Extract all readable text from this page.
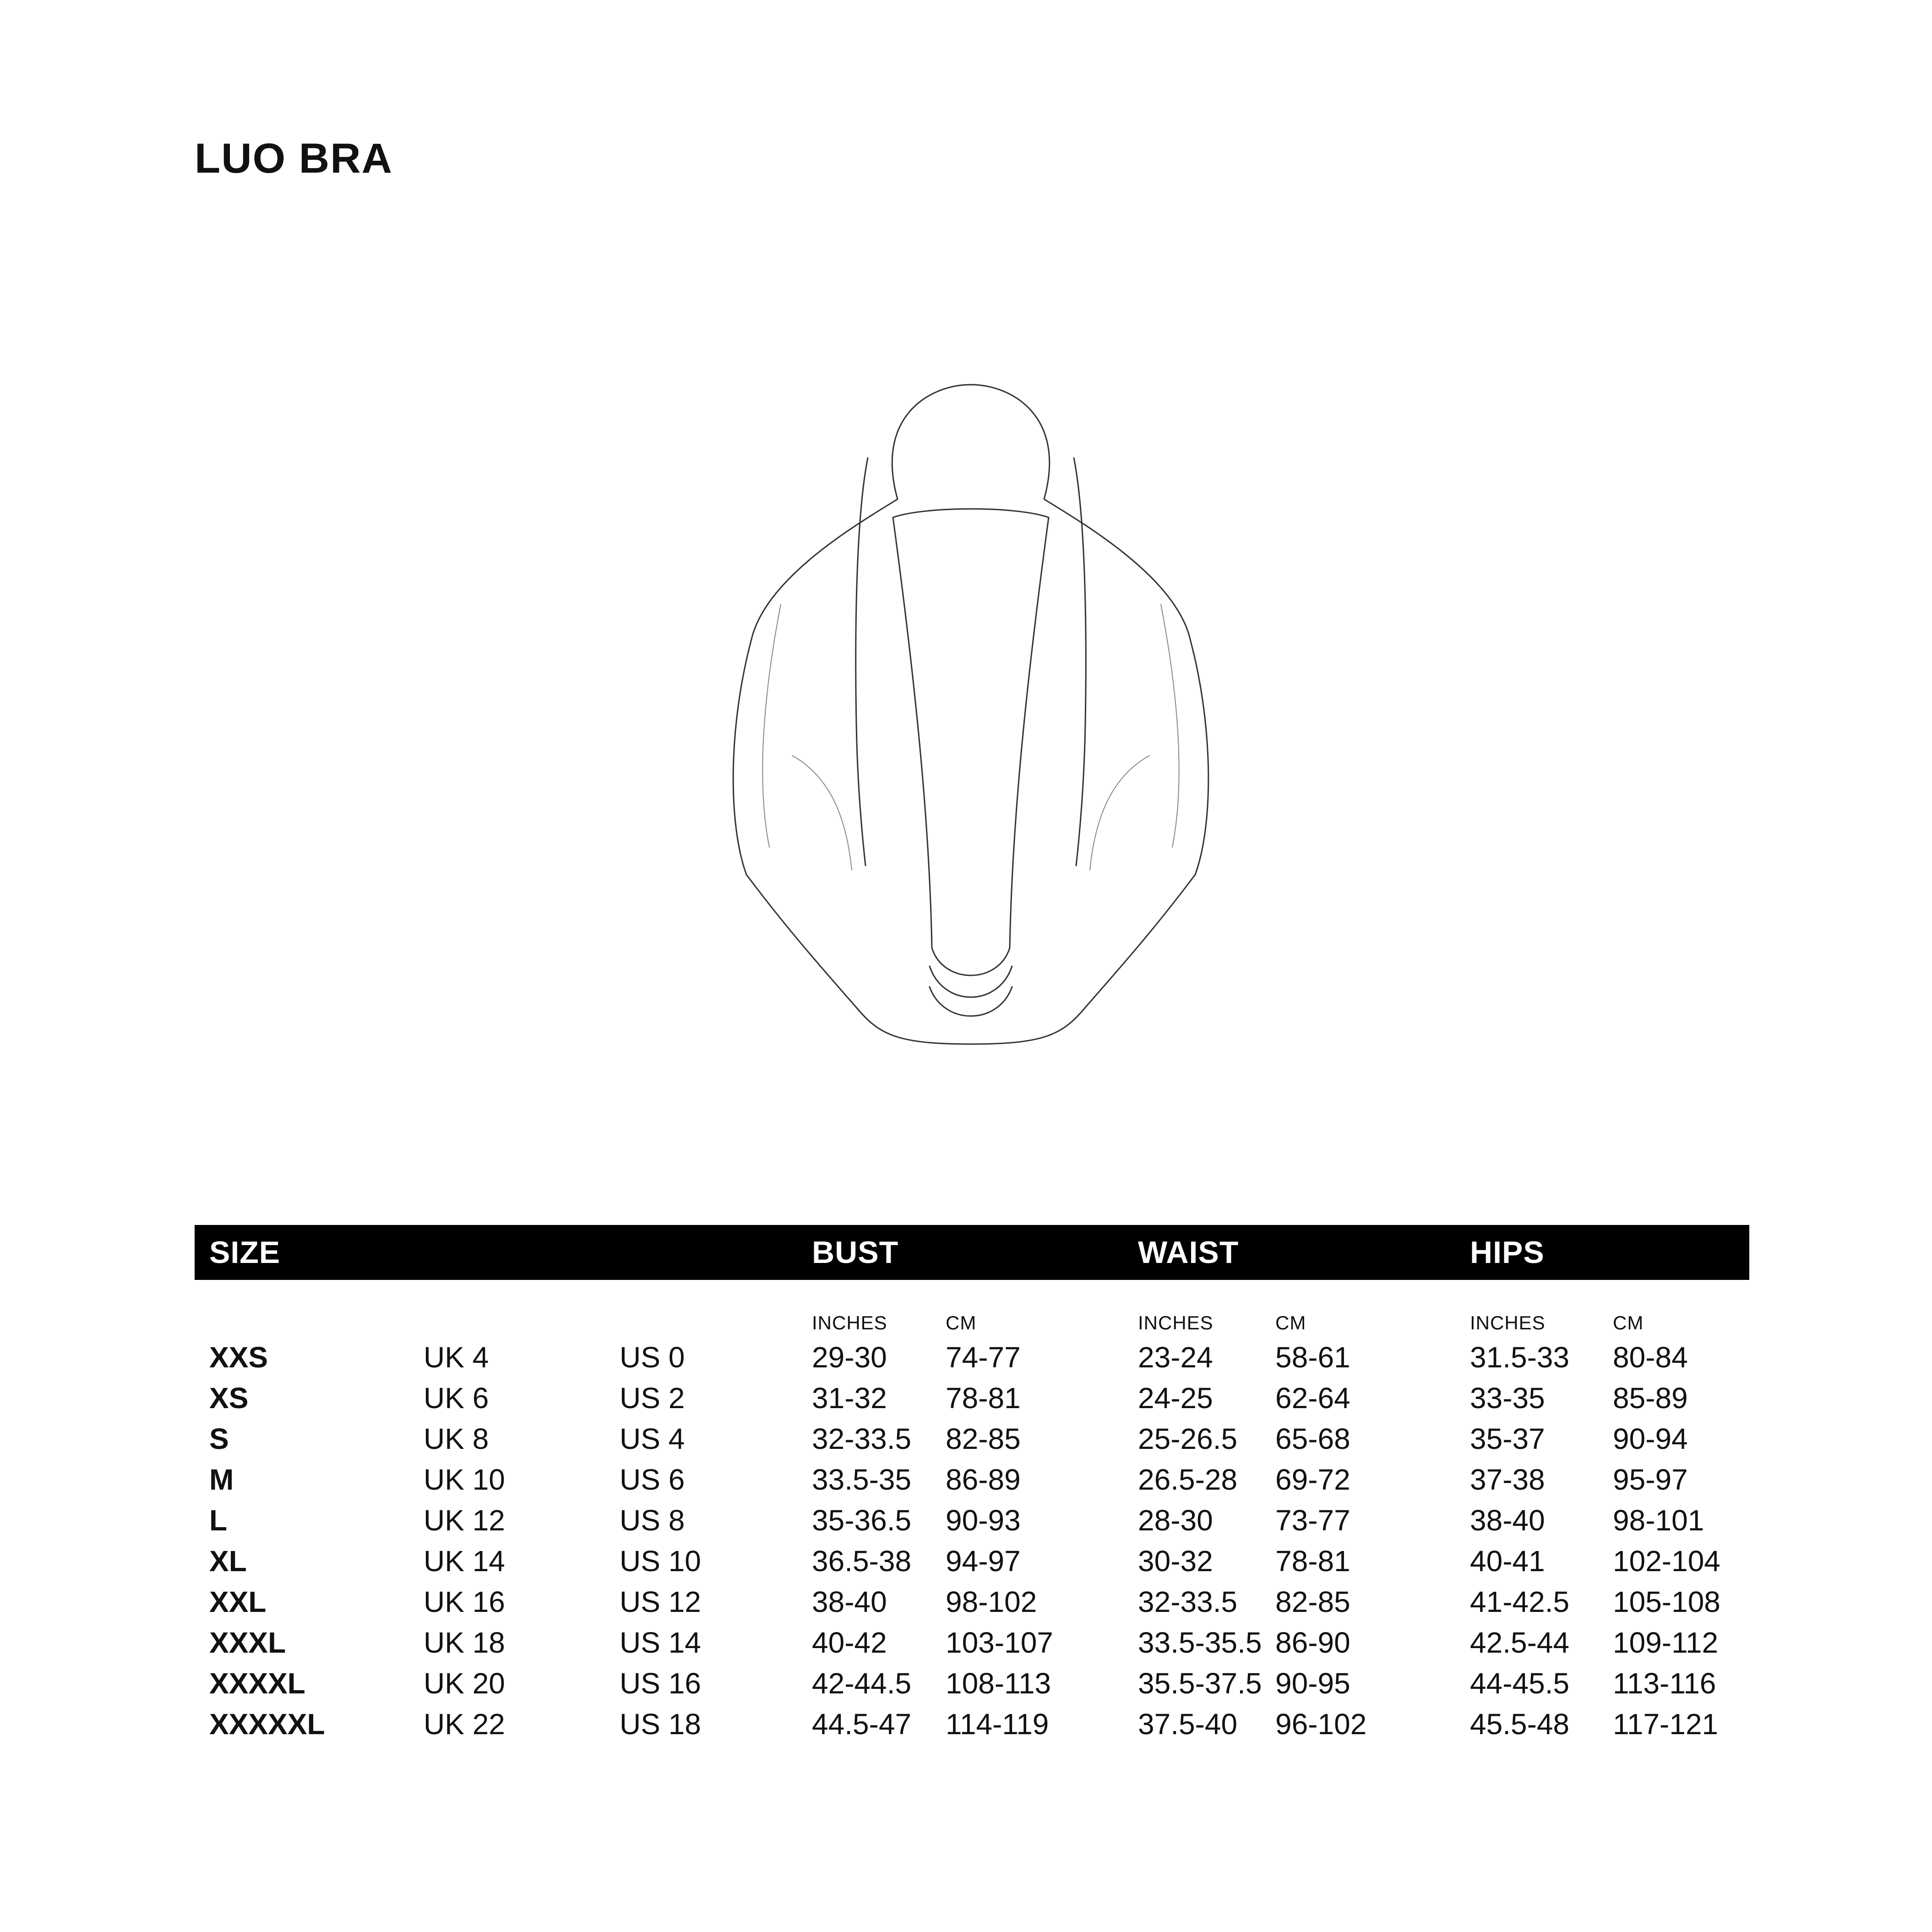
LUO BRA
SIZE	BUST	WAIST	HIPS
INCHES	CM	INCHES	CM	INCHES	CM
XXS	UK 4	US 0	29-30 74-77	23-24 58-61	31.5-33 80-84
XS	UK 6	US 2	31-32 78-81	24-25 62-64	33-35 85-89
S	UK 8	US 4	32-33.5 82-85	25-26.5 65-68	35-37 90-94
M	UK 10	US 6	33.5-35 86-89	26.5-28 69-72	37-38 95-97
L	UK 12	US 8	35-36.5 90-93	28-30 73-77	38-40 98-101
XL	UK 14	US 10	36.5-38 94-97	30-32 78-81	40-41 102-104
XXL	UK 16	US 12	38-40 98-102	32-33.5 82-85	41-42.5 105-108
XXXL	UK 18	US 14	40-42 103-107	33.5-35.5 86-90	42.5-44 109-112
XXXXL	UK 20	US 16	42-44.5 108-113	35.5-37.5 90-95	44-45.5 113-116
XXXXXL	UK 22	US 18	44.5-47 114-119	37.5-40 96-102	45.5-48 117-121
